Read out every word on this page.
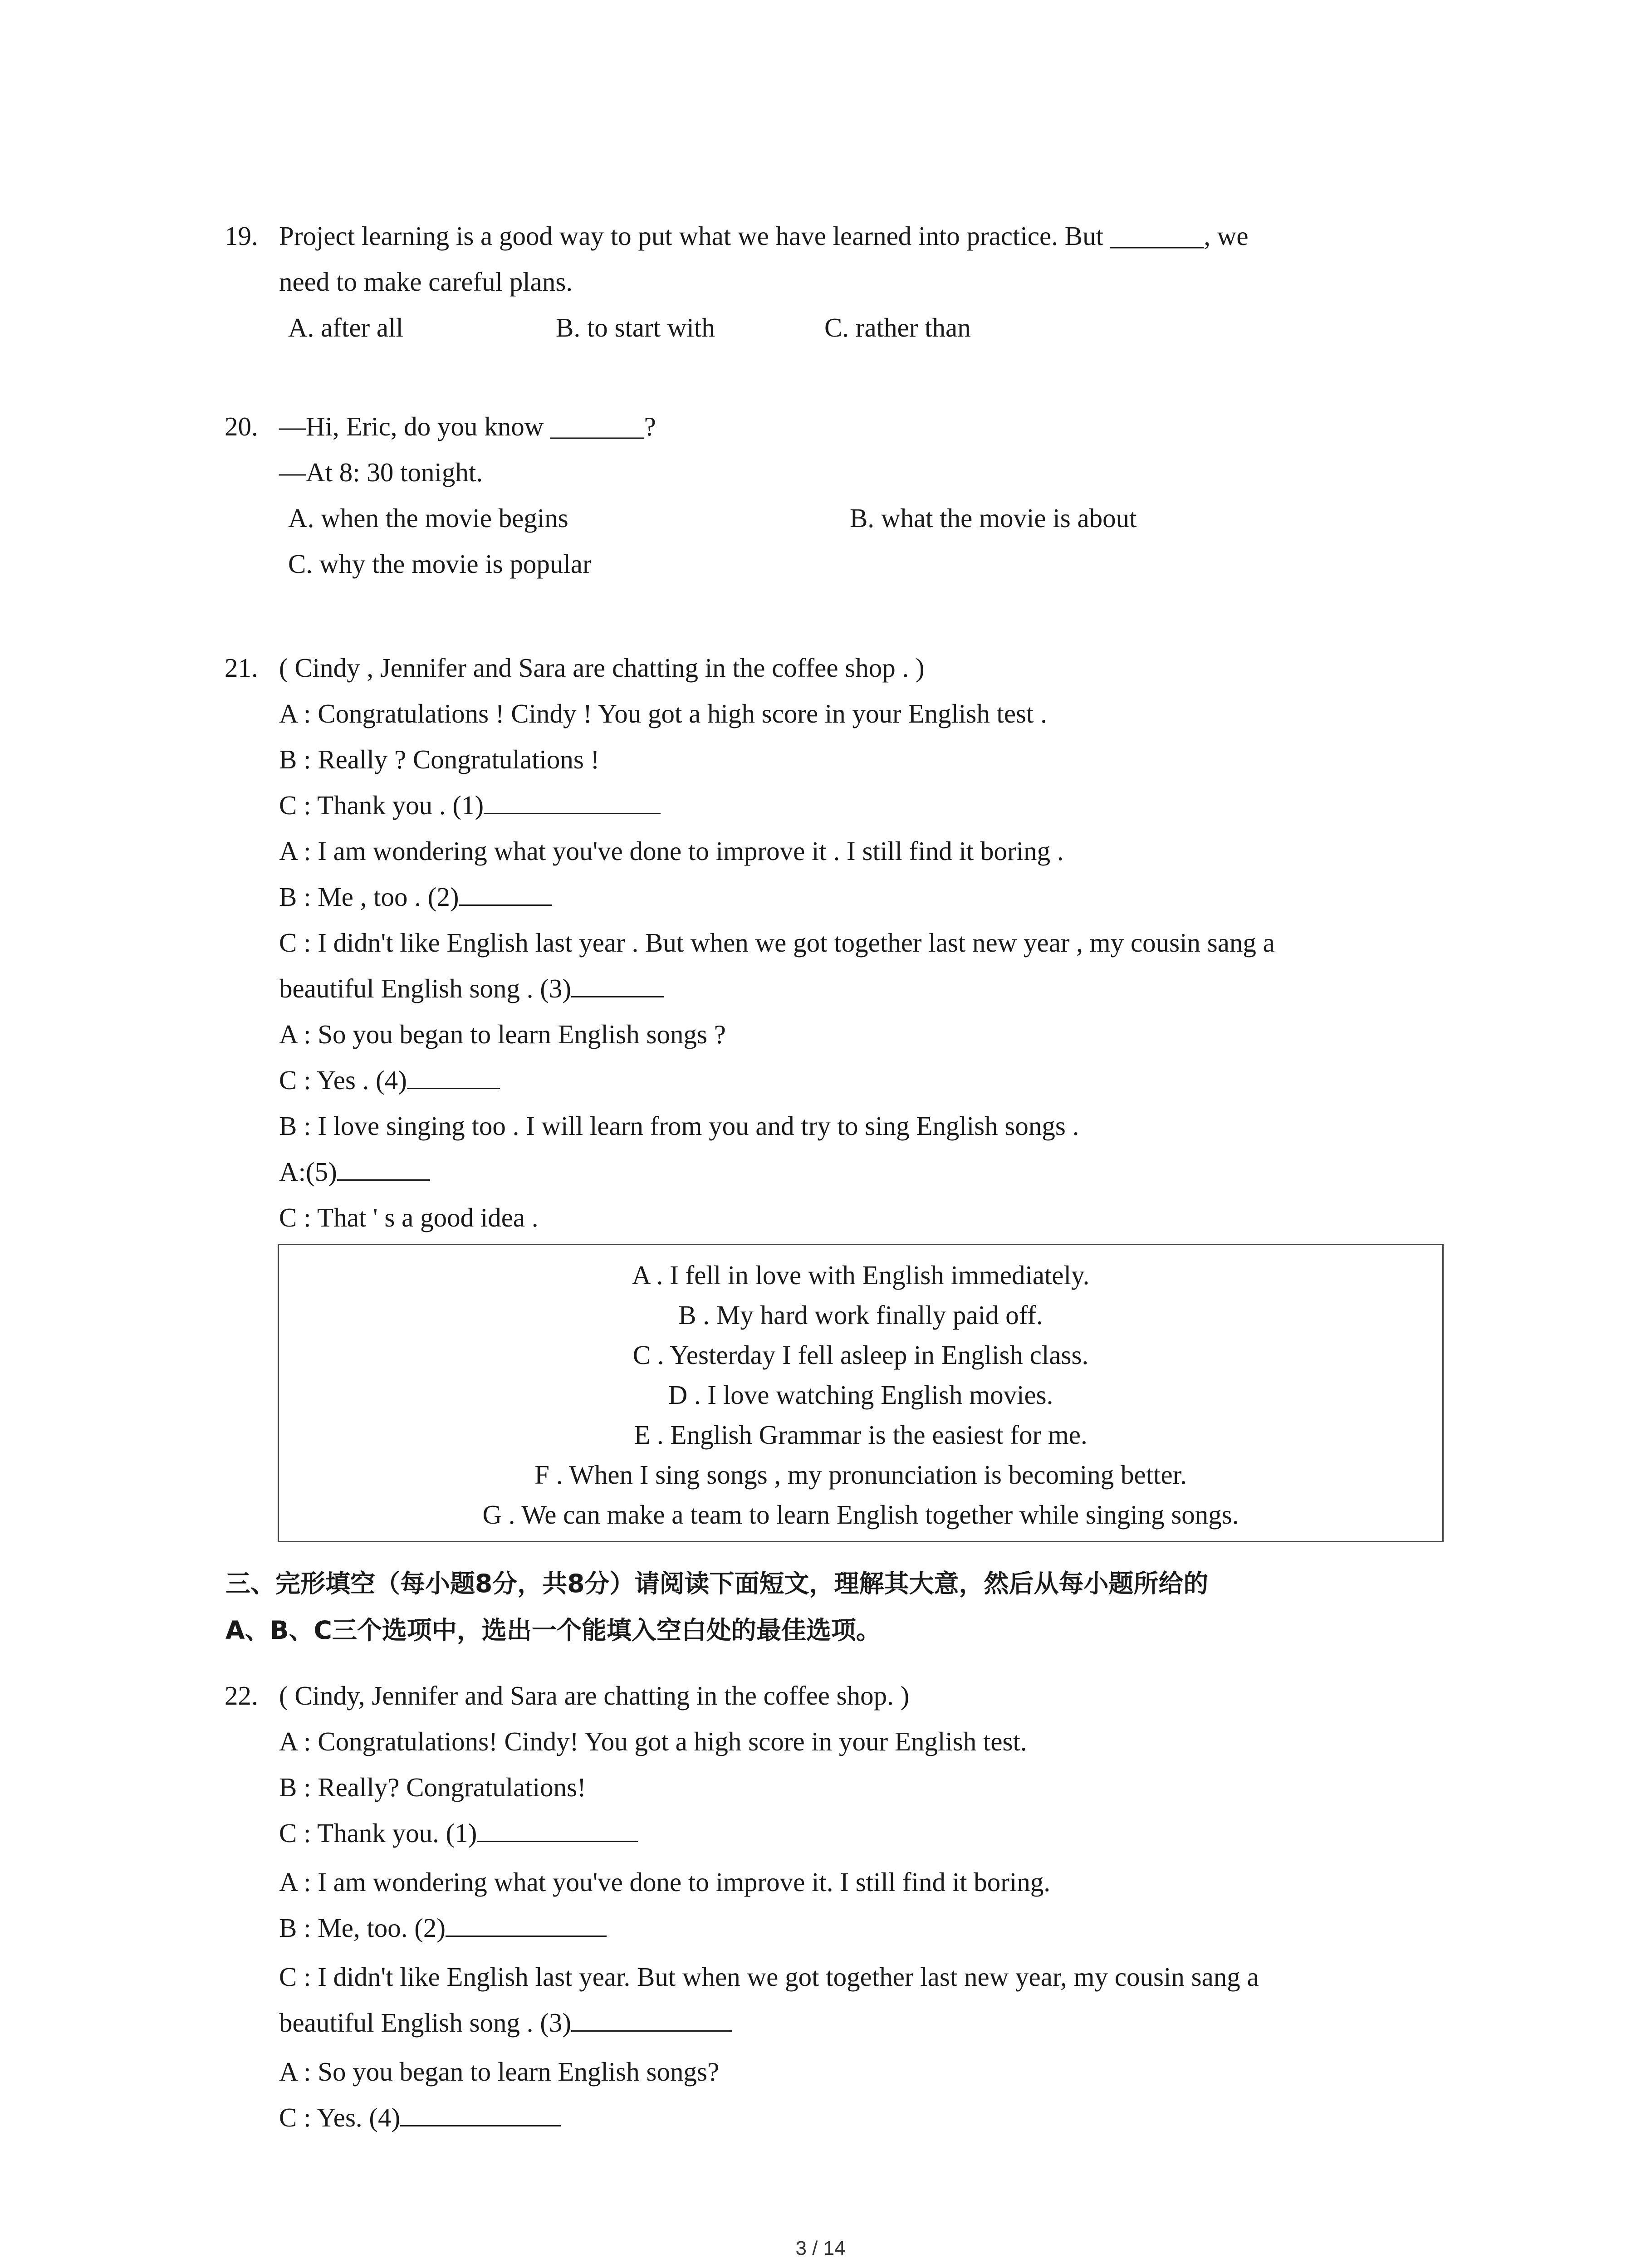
19. Project learning is a good way to put what we have learned into practice. But _______, we
need to make careful plans.
A. after all	B. to start with	C. rather than
20. —Hi, Eric, do you know _______?
—At 8: 30 tonight.
A. when the movie begins	B. what the movie is about
C. why the movie is popular
21. ( Cindy , Jennifer and Sara are chatting in the coffee shop . )
A : Congratulations ! Cindy ! You got a high score in your English test .
B : Really ? Congratulations !
C : Thank you . (1)
A : I am wondering what you've done to improve it . I still find it boring .
B : Me , too . (2)
C : I didn't like English last year . But when we got together last new year , my cousin sang a
beautiful English song . (3)
A : So you began to learn English songs ?
C : Yes . (4)
B : I love singing too . I will learn from you and try to sing English songs .
A:(5)
C : That ' s a good idea .
A . I fell in love with English immediately.
B . My hard work finally paid off.
C . Yesterday I fell asleep in English class.
D . I love watching English movies.
E . English Grammar is the easiest for me.
F . When I sing songs , my pronunciation is becoming better.
G . We can make a team to learn English together while singing songs.
三、完形填空（每小题8分，共8分）请阅读下面短文，理解其大意，然后从每小题所给的
A、B、C三个选项中，选出一个能填入空白处的最佳选项。
22. ( Cindy, Jennifer and Sara are chatting in the coffee shop. )
A : Congratulations! Cindy! You got a high score in your English test.
B : Really? Congratulations!
C : Thank you. (1)
A : I am wondering what you've done to improve it. I still find it boring.
B : Me, too. (2)
C : I didn't like English last year. But when we got together last new year, my cousin sang a
beautiful English song . (3)
A : So you began to learn English songs?
C : Yes. (4)
3 / 14
